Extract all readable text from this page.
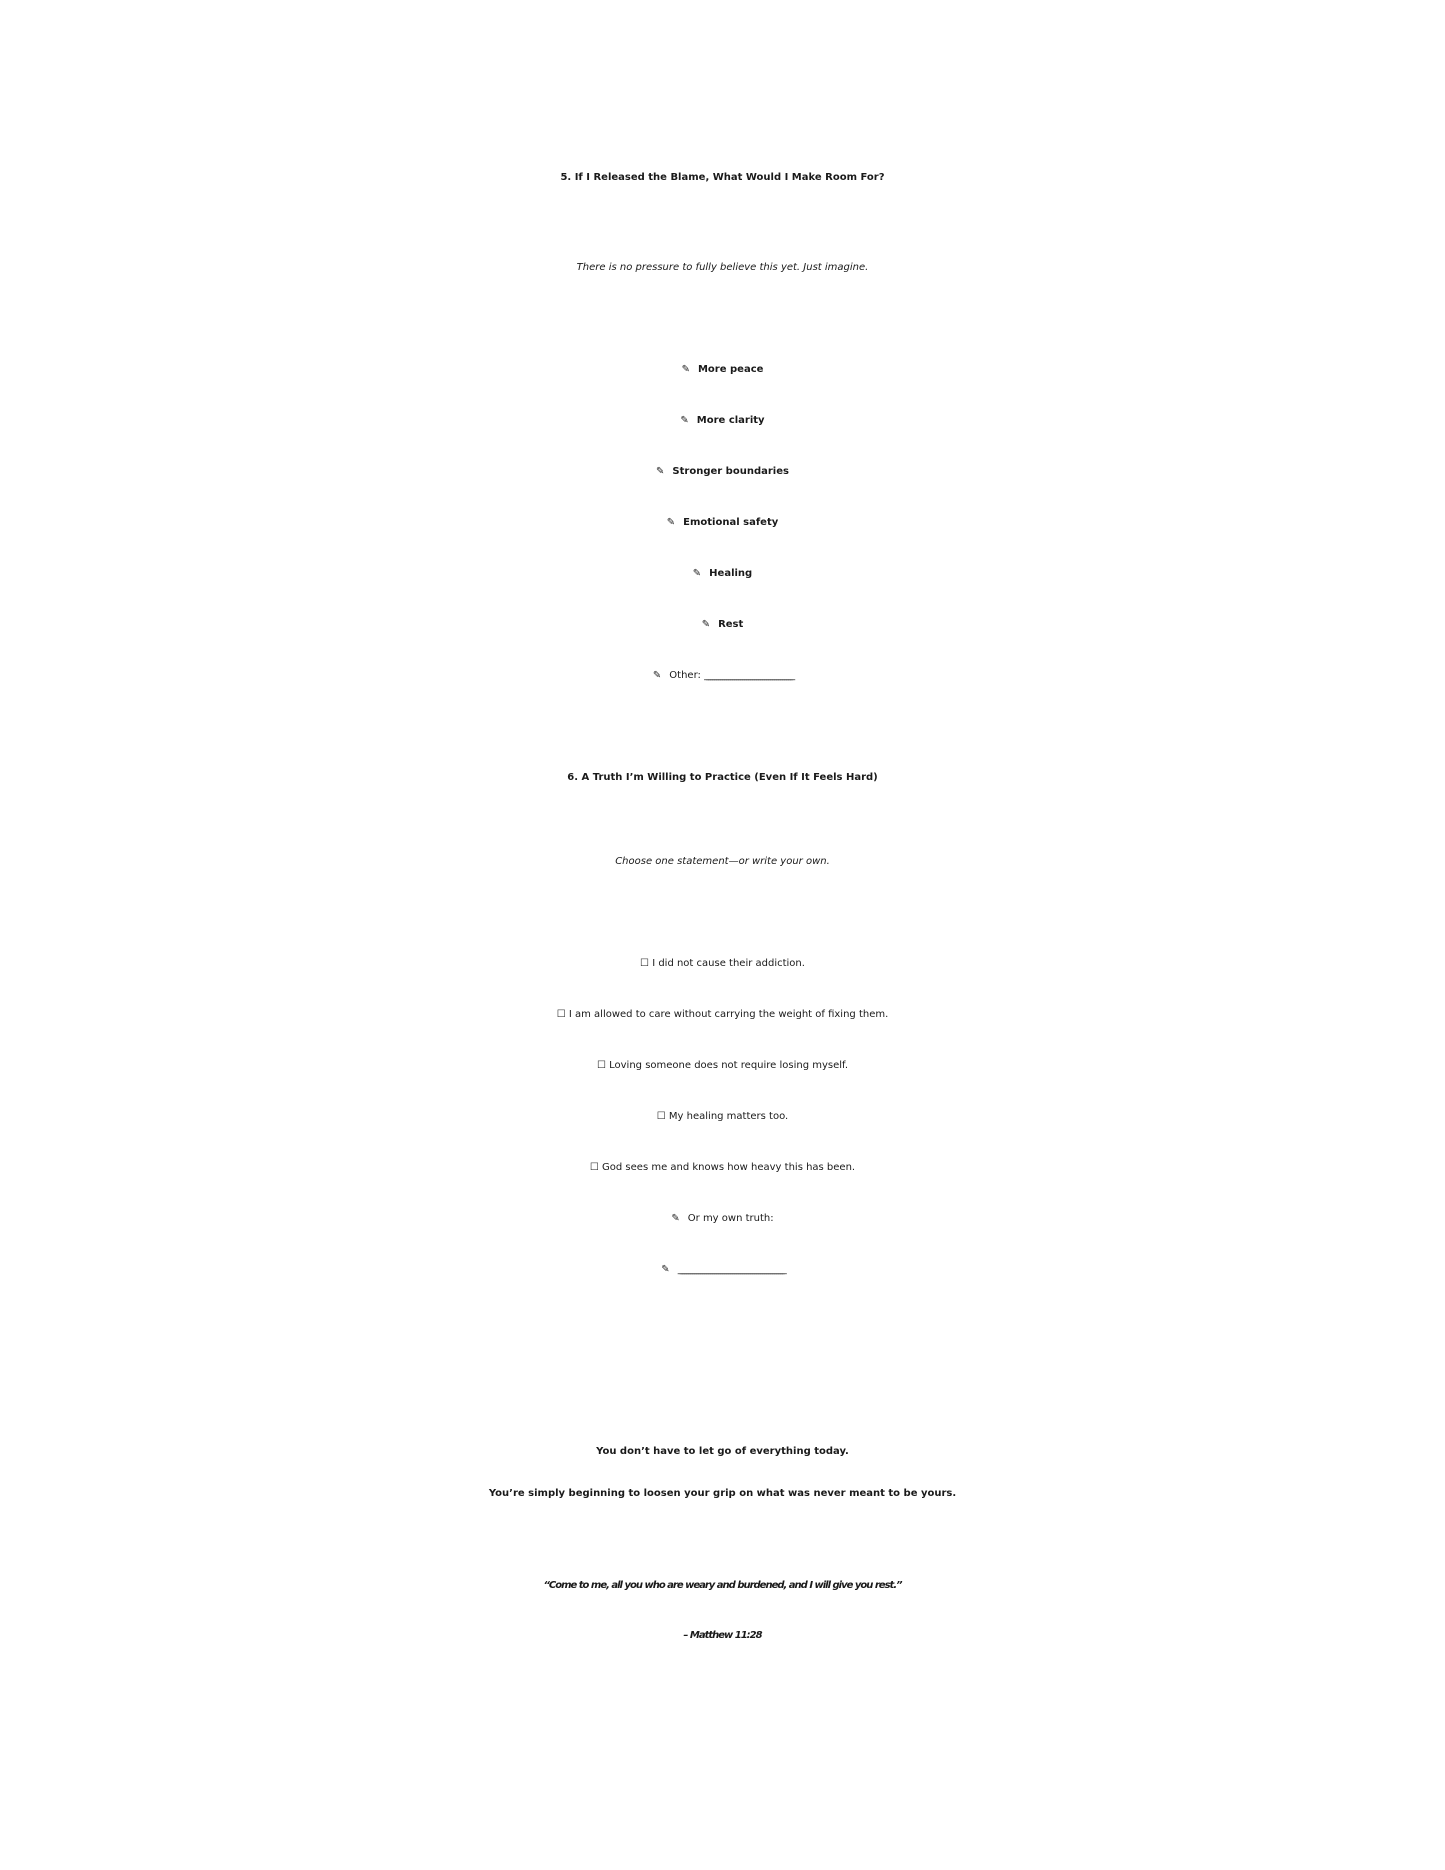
5. If I Released the Blame, What Would I Make Room For?
There is no pressure to fully believe this yet. Just imagine.
✎ More peace
✎ More clarity
✎ Stronger boundaries
✎ Emotional safety
✎ Healing
✎ Rest
✎ Other: ____________________________________________
6. A Truth I’m Willing to Practice (Even If It Feels Hard)
Choose one statement—or write your own.
☐ I did not cause their addiction.
☐ I am allowed to care without carrying the weight of fixing them.
☐ Loving someone does not require losing myself.
☐ My healing matters too.
☐ God sees me and knows how heavy this has been.
✎ Or my own truth:
✎ _____________________________________________________
You don’t have to let go of everything today.
You’re simply beginning to loosen your grip on what was never meant to be yours.
“Come to me, all you who are weary and burdened, and I will give you rest.”
– Matthew 11:28
